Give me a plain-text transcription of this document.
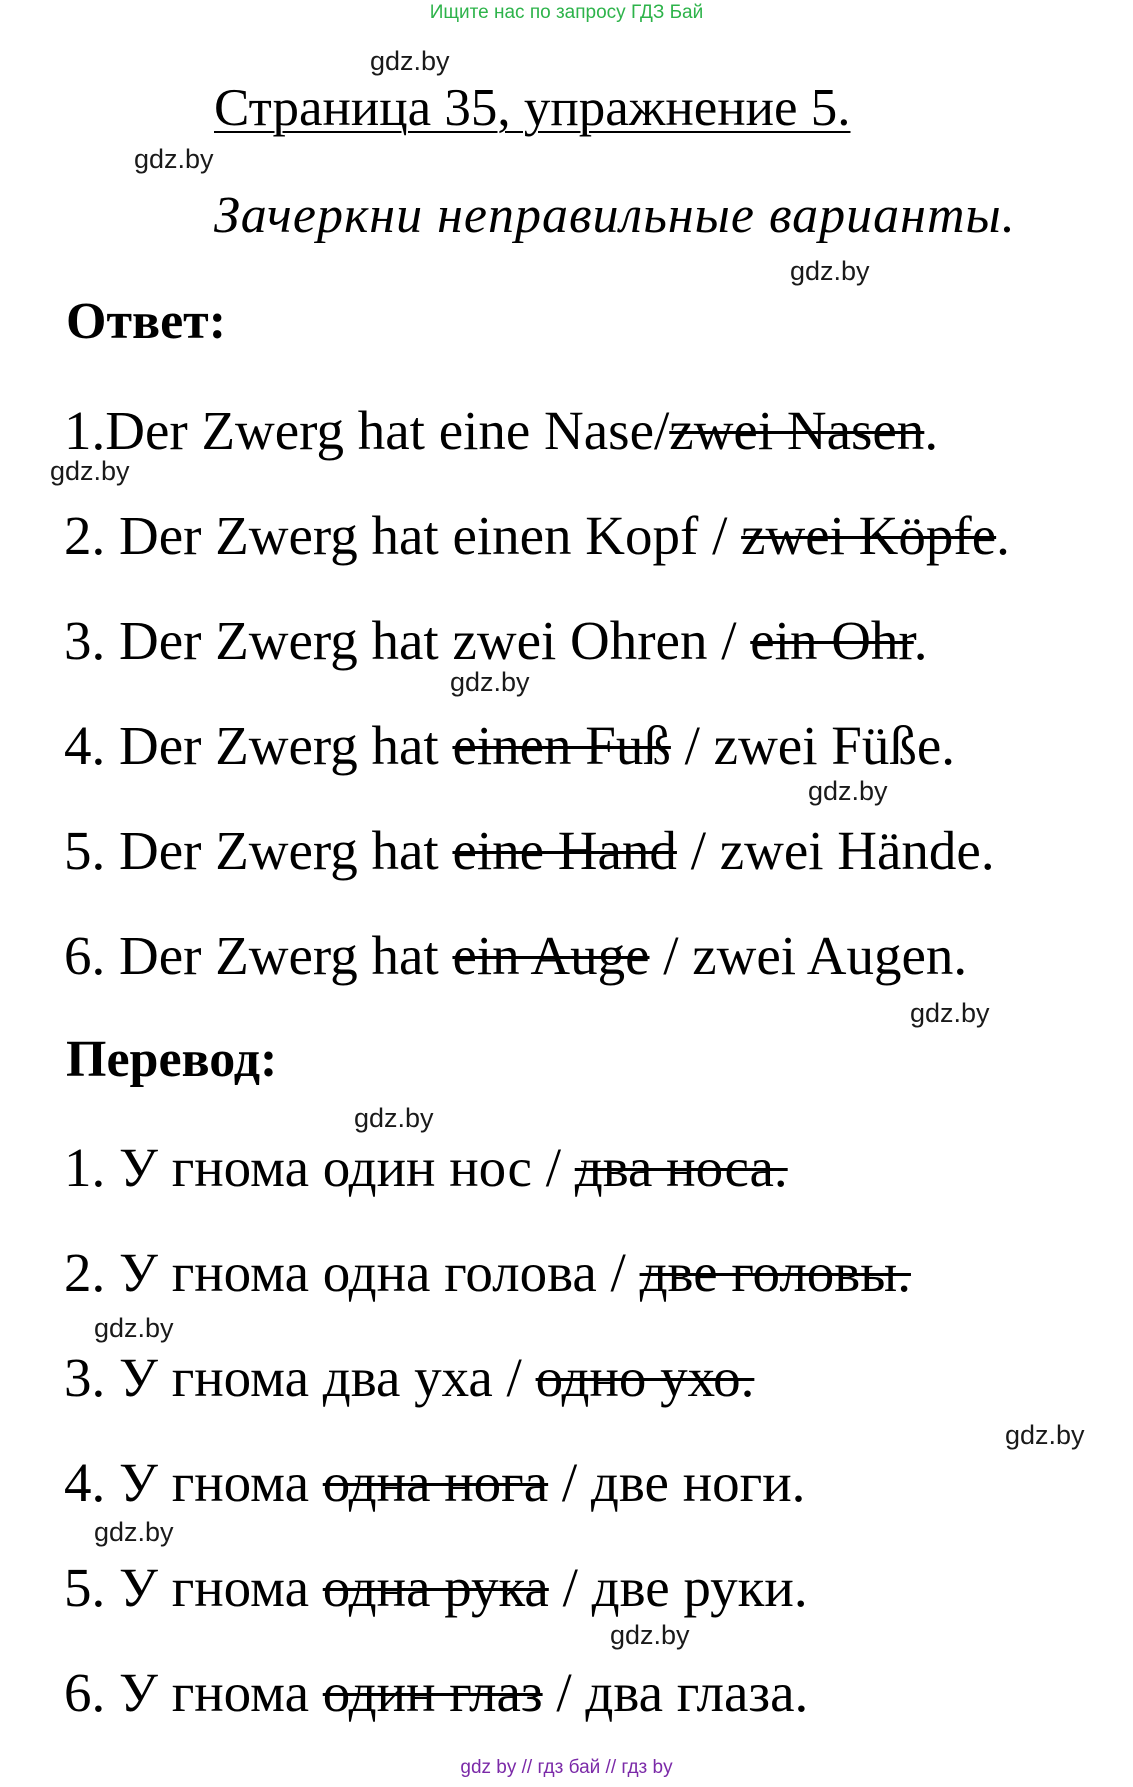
Ищите нас по запросу ГДЗ Бай
gdz.by
gdz.by
gdz.by
gdz.by
gdz.by
gdz.by
gdz.by
gdz.by
gdz.by
gdz.by
gdz.by
gdz.by
Страница 35, упражнение 5.
Зачеркни неправильные варианты.
Ответ:
1.Der Zwerg hat eine Nase/zwei Nasen.
2. Der Zwerg hat einen Kopf / zwei Köpfe.
3. Der Zwerg hat zwei Ohren / ein Ohr.
4. Der Zwerg hat einen Fuß / zwei Füße.
5. Der Zwerg hat eine Hand / zwei Hände.
6. Der Zwerg hat ein Auge / zwei Augen.
Перевод:
1. У гнома один нос / два носа.
2. У гнома одна голова / две головы.
3. У гнома два уха / одно ухо.
4. У гнома одна нога / две ноги.
5. У гнома одна рука / две руки.
6. У гнома один глаз / два глаза.
gdz by // гдз бай // гдз by
